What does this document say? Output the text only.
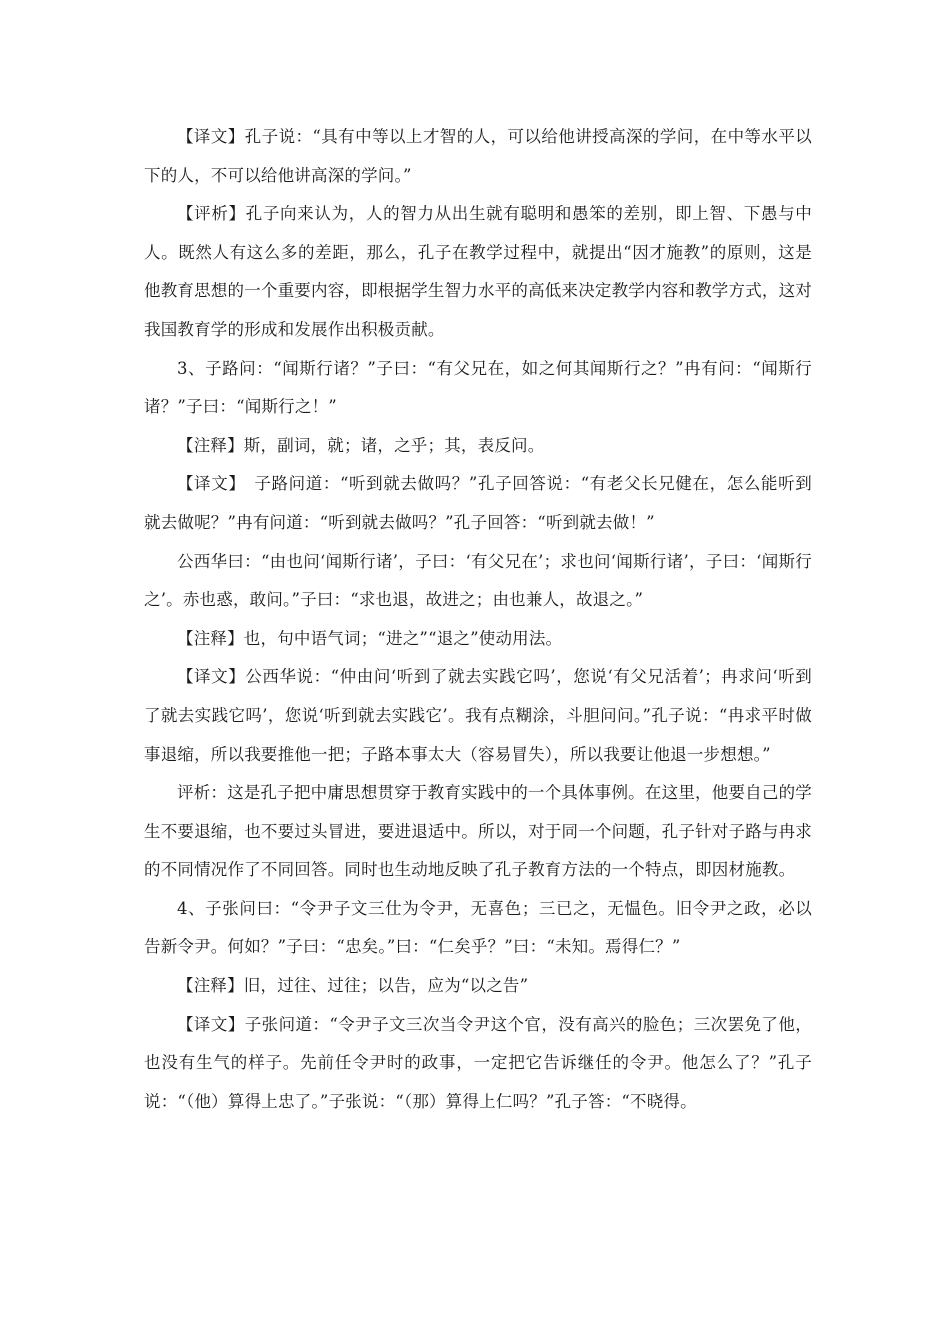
【译文】孔子说：“具有中等以上才智的人，可以给他讲授高深的学问，在中等水平以下的人，不可以给他讲高深的学问。”

【评析】孔子向来认为，人的智力从出生就有聪明和愚笨的差别，即上智、下愚与中人。既然人有这么多的差距，那么，孔子在教学过程中，就提出“因才施教”的原则，这是他教育思想的一个重要内容，即根据学生智力水平的高低来决定教学内容和教学方式，这对我国教育学的形成和发展作出积极贡献。

3、子路问：“闻斯行诸？”子曰：“有父兄在，如之何其闻斯行之？”冉有问：“闻斯行诸？”子曰：“闻斯行之！”

【注释】斯，副词，就；诸，之乎；其，表反问。

【译文】　子路问道：“听到就去做吗？”孔子回答说：“有老父长兄健在，怎么能听到就去做呢？”冉有问道：“听到就去做吗？”孔子回答：“听到就去做！”

公西华曰：“由也问‘闻斯行诸’，子曰：‘有父兄在’；求也问‘闻斯行诸’，子曰：‘闻斯行之’。赤也惑，敢问。”子曰：“求也退，故进之；由也兼人，故退之。”

【注释】也，句中语气词；“进之”“退之”使动用法。

【译文】公西华说：“仲由问‘听到了就去实践它吗’，您说‘有父兄活着’；冉求问‘听到了就去实践它吗’，您说‘听到就去实践它’。我有点糊涂，斗胆问问。”孔子说：“冉求平时做事退缩，所以我要推他一把；子路本事太大（容易冒失），所以我要让他退一步想想。”

评析：这是孔子把中庸思想贯穿于教育实践中的一个具体事例。在这里，他要自己的学生不要退缩，也不要过头冒进，要进退适中。所以，对于同一个问题，孔子针对子路与冉求的不同情况作了不同回答。同时也生动地反映了孔子教育方法的一个特点，即因材施教。

4、子张问曰：“令尹子文三仕为令尹，无喜色；三已之，无愠色。旧令尹之政，必以告新令尹。何如？”子曰：“忠矣。”曰：“仁矣乎？”曰：“未知。焉得仁？”

【注释】旧，过往、过往；以告，应为“以之告”

【译文】子张问道：“令尹子文三次当令尹这个官，没有高兴的脸色；三次罢免了他，也没有生气的样子。先前任令尹时的政事，一定把它告诉继任的令尹。他怎么了？”孔子说：“（他）算得上忠了。”子张说：“（那）算得上仁吗？”孔子答：“不晓得。
